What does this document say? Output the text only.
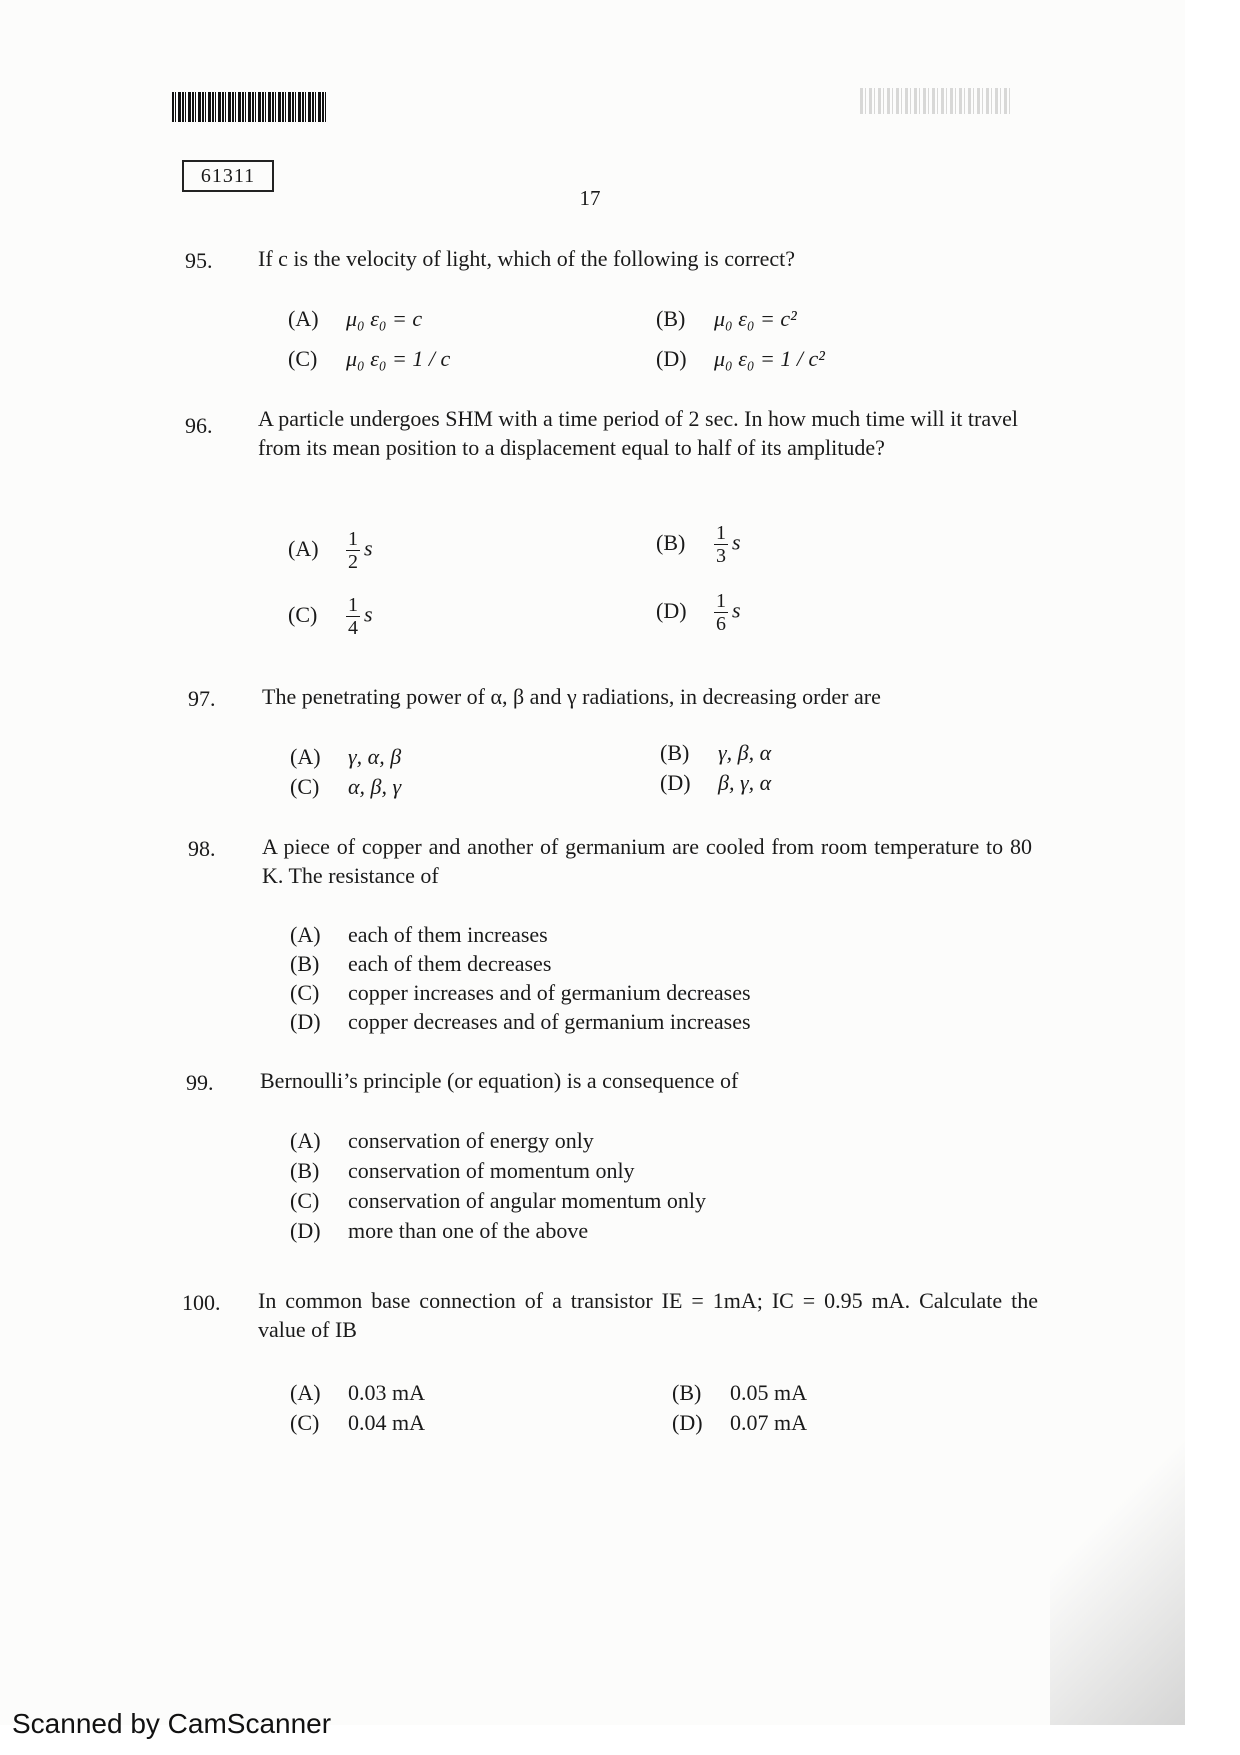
61311
17
95. If c is the velocity of light, which of the following is correct?
(A) μ₀ ε₀ = c	(B) μ₀ ε₀ = c²
(C) μ₀ ε₀ = 1 / c	(D) μ₀ ε₀ = 1 / c²
96. A particle undergoes SHM with a time period of 2 sec. In how much time will it travel from its mean position to a displacement equal to half of its amplitude?
$(A) \frac{1}{2}$ s	$(B) \frac{1}{3}$ s
$(C) \frac{1}{4}$ s	$(D) \frac{1}{6}$ s
97. The penetrating power of α, β and γ radiations, in decreasing order are
(A) γ, α, β	(B) γ, β, α
(C) α, β, γ	(D) β, γ, α
98. A piece of copper and another of germanium are cooled from room temperature to 80 K. The resistance of
(A) each of them increases
(B) each of them decreases
(C) copper increases and of germanium decreases
(D) copper decreases and of germanium increases
99. Bernoulli’s principle (or equation) is a consequence of
(A) conservation of energy only
(B) conservation of momentum only
(C) conservation of angular momentum only
(D) more than one of the above
100. In common base connection of a transistor IE = 1mA; IC = 0.95 mA. Calculate the value of IB
(A) 0.03 mA	(B) 0.05 mA
(C) 0.04 mA	(D) 0.07 mA
Scanned by CamScanner
